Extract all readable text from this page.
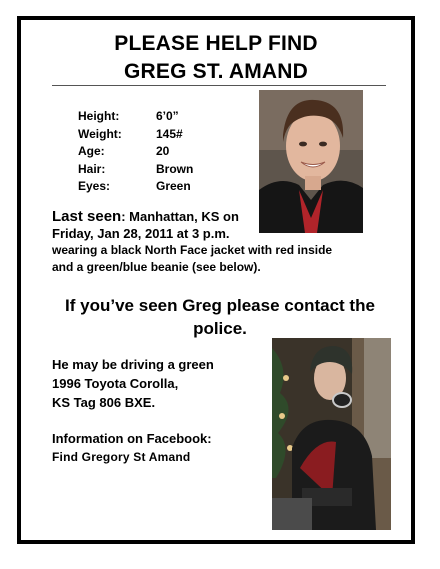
PLEASE HELP FIND
GREG ST. AMAND
Height:	6’0”
Weight:	145#
Age:	20
Hair:	Brown
Eyes:	Green
Last seen: Manhattan, KS on
Friday, Jan 28, 2011 at 3 p.m.
wearing a black North Face jacket with red inside
and a green/blue beanie (see below).
If you’ve seen Greg please contact the
police.
He may be driving a green
1996 Toyota Corolla,
KS Tag 806 BXE.
Information on Facebook:
Find Gregory St Amand
